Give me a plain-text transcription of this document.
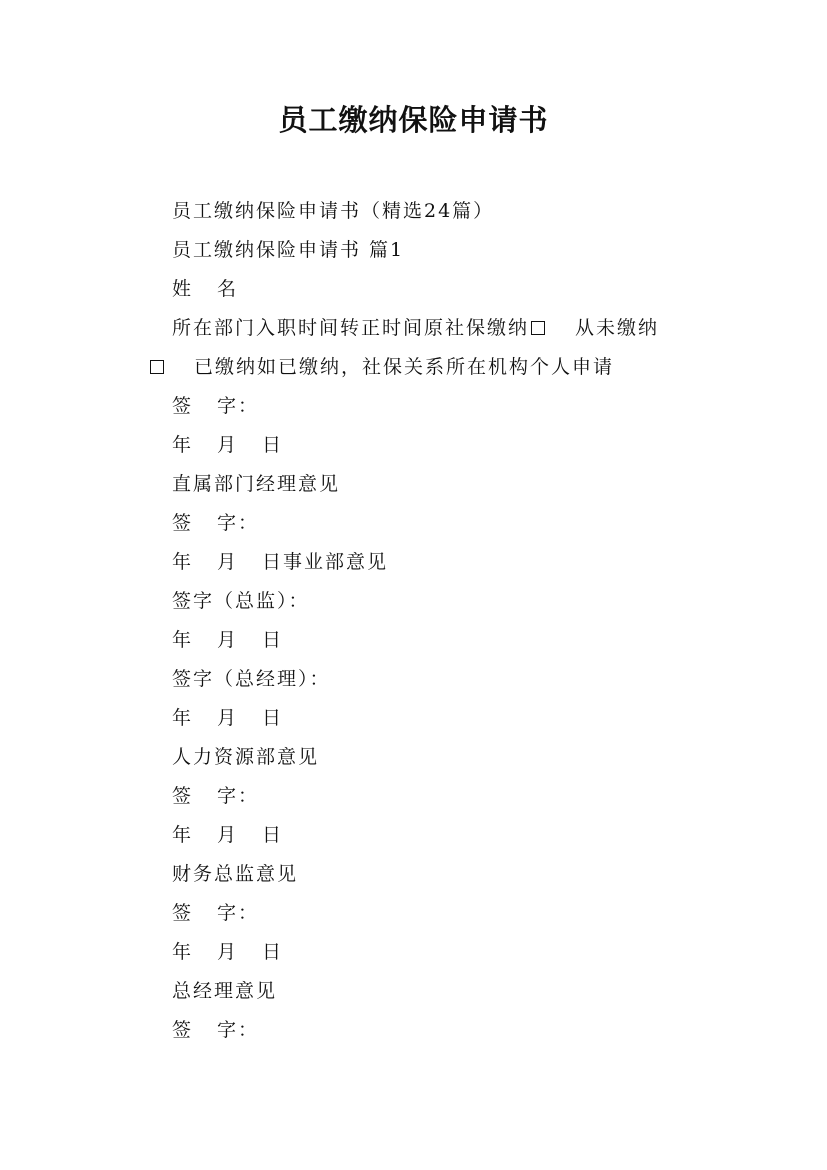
员工缴纳保险申请书
员工缴纳保险申请书（精选24篇）
员工缴纳保险申请书 篇1
姓 名
所在部门入职时间转正时间原社保缴纳 从未缴纳
已缴纳如已缴纳，社保关系所在机构个人申请
签 字：
年 月 日
直属部门经理意见
签 字：
年 月 日事业部意见
签字（总监）：
年 月 日
签字（总经理）：
年 月 日
人力资源部意见
签 字：
年 月 日
财务总监意见
签 字：
年 月 日
总经理意见
签 字：
